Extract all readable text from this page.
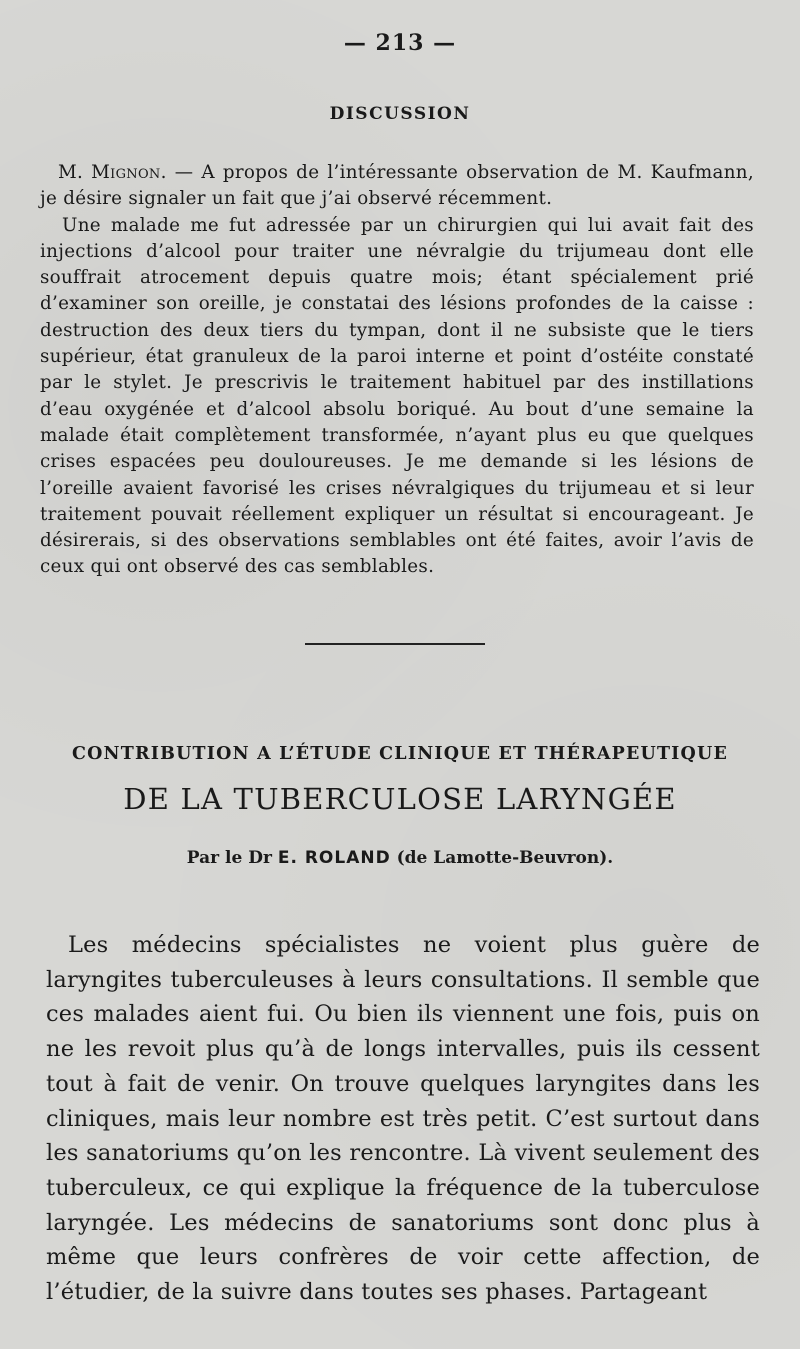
— 213 —
DISCUSSION

M. Mignon. — A propos de l’intéressante observation de M. Kaufmann, je désire signaler un fait que j’ai observé récemment.

Une malade me fut adressée par un chirurgien qui lui avait fait des injections d’alcool pour traiter une névralgie du trijumeau dont elle souffrait atrocement depuis quatre mois; étant spécialement prié d’examiner son oreille, je constatai des lésions profondes de la caisse : destruction des deux tiers du tympan, dont il ne subsiste que le tiers supérieur, état granuleux de la paroi interne et point d’ostéite constaté par le stylet. Je prescrivis le traitement habituel par des instillations d’eau oxygénée et d’alcool absolu boriqué. Au bout d’une semaine la malade était complètement transformée, n’ayant plus eu que quelques crises espacées peu douloureuses. Je me demande si les lésions de l’oreille avaient favorisé les crises névralgiques du trijumeau et si leur traitement pouvait réellement expliquer un résultat si encourageant. Je désirerais, si des observations semblables ont été faites, avoir l’avis de ceux qui ont observé des cas semblables.

CONTRIBUTION A L’ÉTUDE CLINIQUE ET THÉRAPEUTIQUE
DE LA TUBERCULOSE LARYNGÉE
Par le Dr E. ROLAND (de Lamotte-Beuvron).

Les médecins spécialistes ne voient plus guère de laryngites tuberculeuses à leurs consultations. Il semble que ces malades aient fui. Ou bien ils viennent une fois, puis on ne les revoit plus qu’à de longs intervalles, puis ils cessent tout à fait de venir. On trouve quelques laryngites dans les cliniques, mais leur nombre est très petit. C’est surtout dans les sanatoriums qu’on les rencontre. Là vivent seulement des tuberculeux, ce qui explique la fréquence de la tuberculose laryngée. Les médecins de sanatoriums sont donc plus à même que leurs confrères de voir cette affection, de l’étudier, de la suivre dans toutes ses phases. Partageant
